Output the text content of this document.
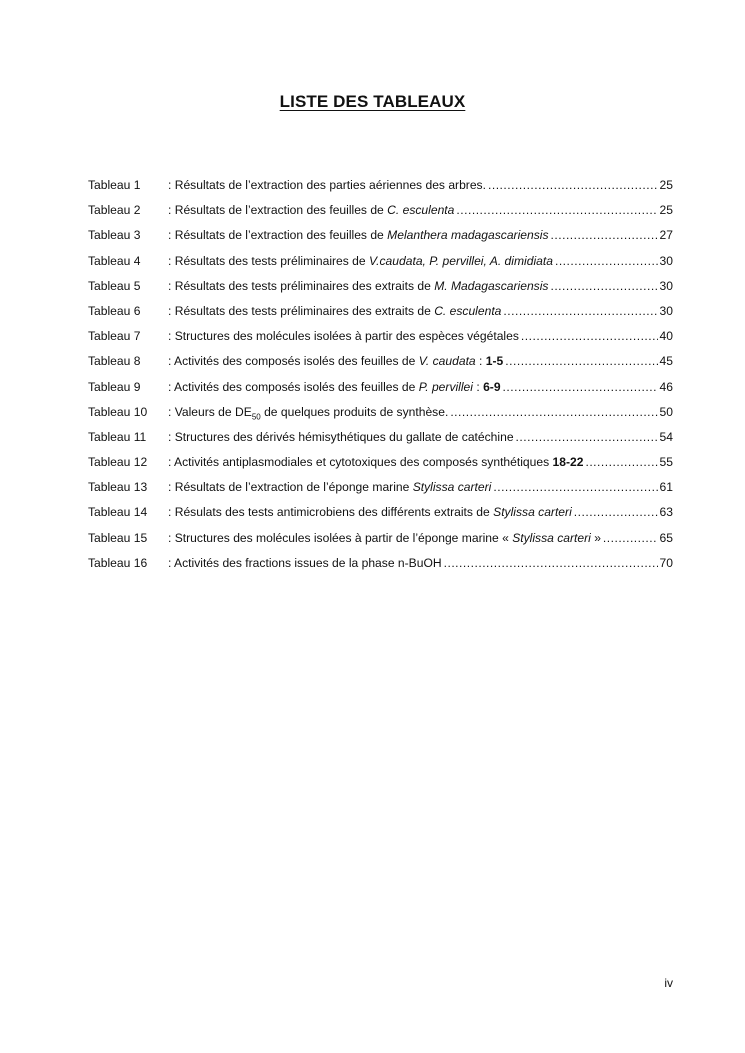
LISTE DES TABLEAUX
Tableau 1	: Résultats de l’extraction des parties aériennes des arbres. .....	25
Tableau 2	: Résultats de l’extraction des feuilles de C. esculenta .....	25
Tableau 3	: Résultats de l’extraction des feuilles de Melanthera madagascariensis .....	27
Tableau 4	: Résultats des tests préliminaires de V.caudata, P. pervillei, A. dimidiata .....	30
Tableau 5	: Résultats des tests préliminaires des extraits de M. Madagascariensis .....	30
Tableau 6	: Résultats des tests préliminaires des extraits de C. esculenta .....	30
Tableau 7	: Structures des molécules isolées à partir des espèces végétales .....	40
Tableau 8	: Activités des composés isolés des feuilles de V. caudata : 1-5 .....	45
Tableau 9	: Activités des composés isolés des feuilles de P. pervillei : 6-9 .....	46
Tableau 10	: Valeurs de $DE_{50}$ de quelques produits de synthèse. .....	50
Tableau 11	: Structures des dérivés hémisythétiques du gallate de catéchine .....	54
Tableau 12	: Activités antiplasmodiales et cytotoxiques des composés synthétiques 18-22 .....	55
Tableau 13	: Résultats de l’extraction de l’éponge marine Stylissa carteri .....	61
Tableau 14	: Résulats des tests antimicrobiens des différents extraits de Stylissa carteri .....	63
Tableau 15	: Structures des molécules isolées à partir de l’éponge marine « Stylissa carteri » .....	65
Tableau 16	: Activités des fractions issues de la phase n-BuOH .....	70
iv
